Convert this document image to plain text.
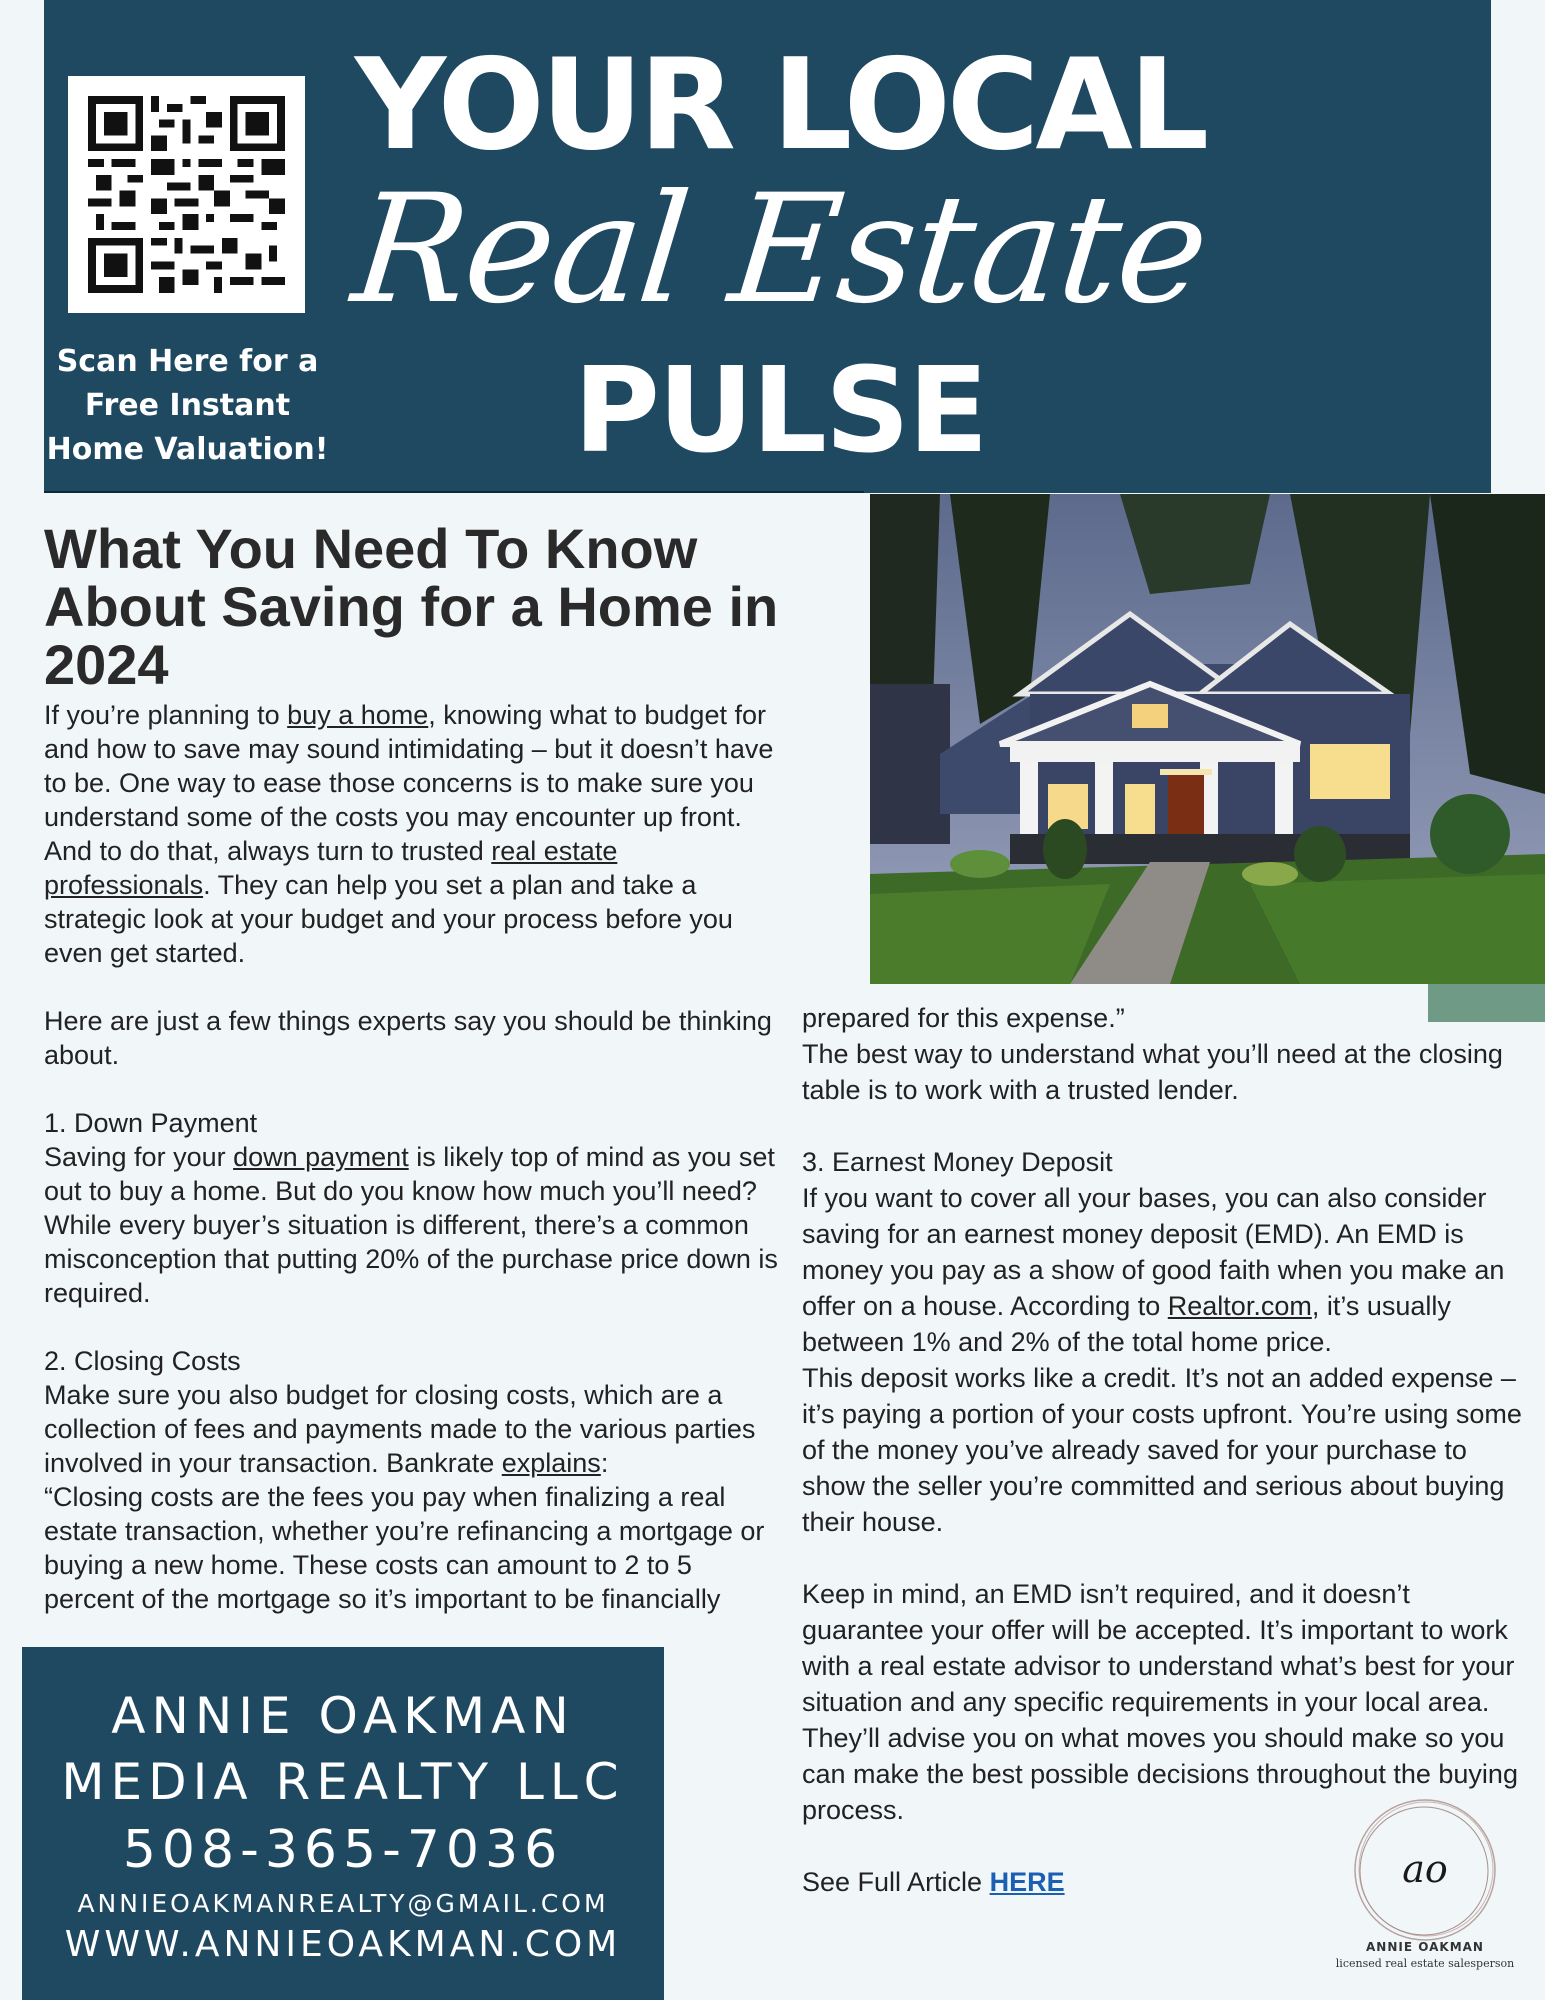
Scan Here for a
Free Instant
Home Valuation!
YOUR LOCAL
Real Estate
PULSE
What You Need To Know About Saving for a Home in 2024

If you’re planning to buy a home, knowing what to budget for and how to save may sound intimidating – but it doesn’t have to be. One way to ease those concerns is to make sure you understand some of the costs you may encounter up front. And to do that, always turn to trusted real estate professionals. They can help you set a plan and take a strategic look at your budget and your process before you even get started.

Here are just a few things experts say you should be thinking about.

1. Down Payment

Saving for your down payment is likely top of mind as you set out to buy a home. But do you know how much you’ll need? While every buyer’s situation is different, there’s a common misconception that putting 20% of the purchase price down is required.

2. Closing Costs

Make sure you also budget for closing costs, which are a collection of fees and payments made to the various parties involved in your transaction. Bankrate explains:

“Closing costs are the fees you pay when finalizing a real estate transaction, whether you’re refinancing a mortgage or buying a new home. These costs can amount to 2 to 5 percent of the mortgage so it’s important to be financially

prepared for this expense.”

The best way to understand what you’ll need at the closing table is to work with a trusted lender.

3. Earnest Money Deposit

If you want to cover all your bases, you can also consider saving for an earnest money deposit (EMD). An EMD is money you pay as a show of good faith when you make an offer on a house. According to Realtor.com, it’s usually between 1% and 2% of the total home price.

This deposit works like a credit. It’s not an added expense – it’s paying a portion of your costs upfront. You’re using some of the money you’ve already saved for your purchase to show the seller you’re committed and serious about buying their house.

Keep in mind, an EMD isn’t required, and it doesn’t guarantee your offer will be accepted. It’s important to work with a real estate advisor to understand what’s best for your situation and any specific requirements in your local area. They’ll advise you on what moves you should make so you can make the best possible decisions throughout the buying process.

See Full Article HERE

ANNIE OAKMAN
MEDIA REALTY LLC
508-365-7036
ANNIEOAKMANREALTY@GMAIL.COM
WWW.ANNIEOAKMAN.COM
ao
ANNIE OAKMAN
licensed real estate salesperson
